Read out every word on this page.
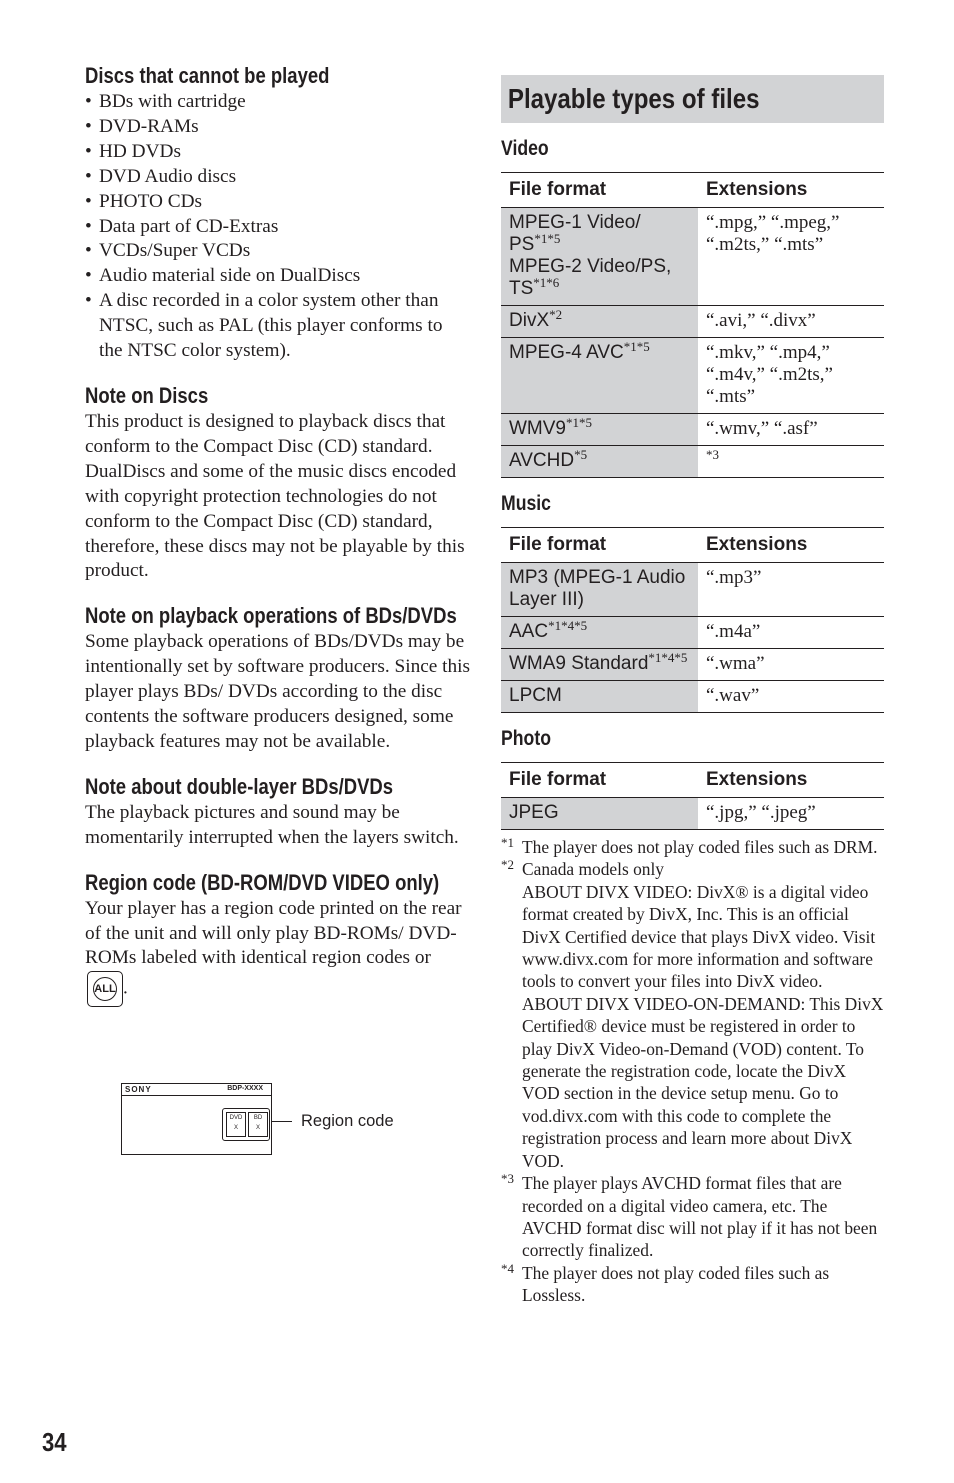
Discs that cannot be played
• BDs with cartridge
• DVD-RAMs
• HD DVDs
• DVD Audio discs
• PHOTO CDs
• Data part of CD-Extras
• VCDs/Super VCDs
• Audio material side on DualDiscs
• A disc recorded in a color system other than NTSC, such as PAL (this player conforms to the NTSC color system).
Note on Discs
This product is designed to playback discs that conform to the Compact Disc (CD) standard. DualDiscs and some of the music discs encoded with copyright protection technologies do not conform to the Compact Disc (CD) standard, therefore, these discs may not be playable by this product.
Note on playback operations of BDs/DVDs
Some playback operations of BDs/DVDs may be intentionally set by software producers. Since this player plays BDs/ DVDs according to the disc contents the software producers designed, some playback features may not be available.
Note about double-layer BDs/DVDs
The playback pictures and sound may be momentarily interrupted when the layers switch.
Region code (BD-ROM/DVD VIDEO only)
Your player has a region code printed on the rear of the unit and will only play BD-ROMs/ DVD-ROMs labeled with identical region codes or
ALL .
SONY	BDP-XXXX
DVD
X
BD
X	Region code
Playable types of files
Video
File format	Extensions
MPEG-1 Video/ $PS^{*1*5}$
MPEG-2 Video/PS, $TS^{*1*6}$	“.mpg,” “.mpeg,” “.m2ts,” “.mts”
DivX$^{*2}$	“.avi,” “.divx”
MPEG-4 $AVC^{*1*5}$	“.mkv,” “.mp4,” “.m4v,” “.m2ts,” “.mts”
$WMV9^{*1*5}$	“.wmv,” “.asf”
AVCHD$^{*5}$	$^{*3}$
Music
File format	Extensions
MP3 (MPEG-1 Audio Layer III)	“.mp3”
$AAC^{*1*4*5}$	“.m4a”
WMA9 Standard$^{*1*4*5}$	“.wma”
LPCM	“.wav”
Photo
File format	Extensions
JPEG	“.jpg,” “.jpeg”
*1 The player does not play coded files such as DRM.
*2 Canada models only
ABOUT DIVX VIDEO: DivX® is a digital video format created by DivX, Inc. This is an official DivX Certified device that plays DivX video. Visit www.divx.com for more information and software tools to convert your files into DivX video.
ABOUT DIVX VIDEO-ON-DEMAND: This DivX Certified® device must be registered in order to play DivX Video-on-Demand (VOD) content. To generate the registration code, locate the DivX VOD section in the device setup menu. Go to vod.divx.com with this code to complete the registration process and learn more about DivX VOD.
*3 The player plays AVCHD format files that are recorded on a digital video camera, etc. The AVCHD format disc will not play if it has not been correctly finalized.
*4 The player does not play coded files such as Lossless.
34
